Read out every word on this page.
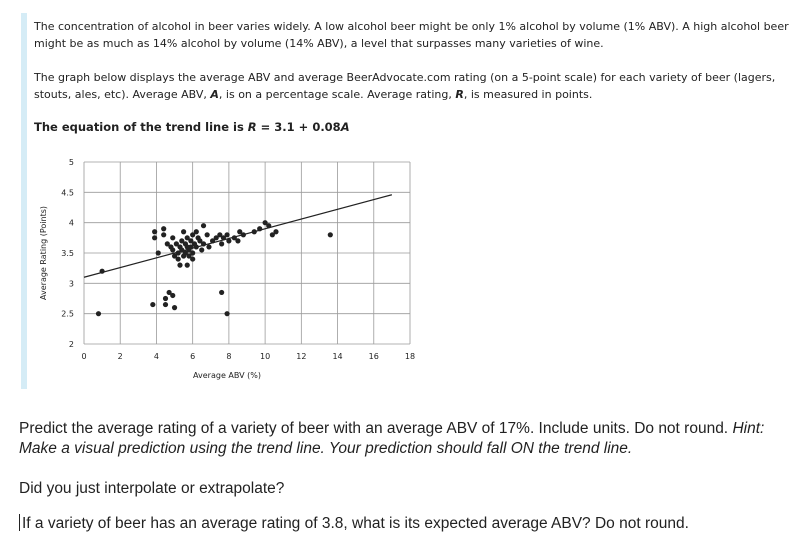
The concentration of alcohol in beer varies widely. A low alcohol beer might be only 1% alcohol by volume (1% ABV). A high alcohol beer might be as much as 14% alcohol by volume (14% ABV), a level that surpasses many varieties of wine.
The graph below displays the average ABV and average BeerAdvocate.com rating (on a 5-point scale) for each variety of beer (lagers, stouts, ales, etc). Average ABV, A, is on a percentage scale. Average rating, R, is measured in points.
The equation of the trend line is R = 3.1 + 0.08A
0	2	4	6	8	10	12	14	16	18
2
2.5
3
3.5
4
4.5
5
Average ABV (%)
Average Rating (Points)
Predict the average rating of a variety of beer with an average ABV of 17%. Include units. Do not round. Hint: Make a visual prediction using the trend line. Your prediction should fall ON the trend line.
Did you just interpolate or extrapolate?
If a variety of beer has an average rating of 3.8, what is its expected average ABV? Do not round.
